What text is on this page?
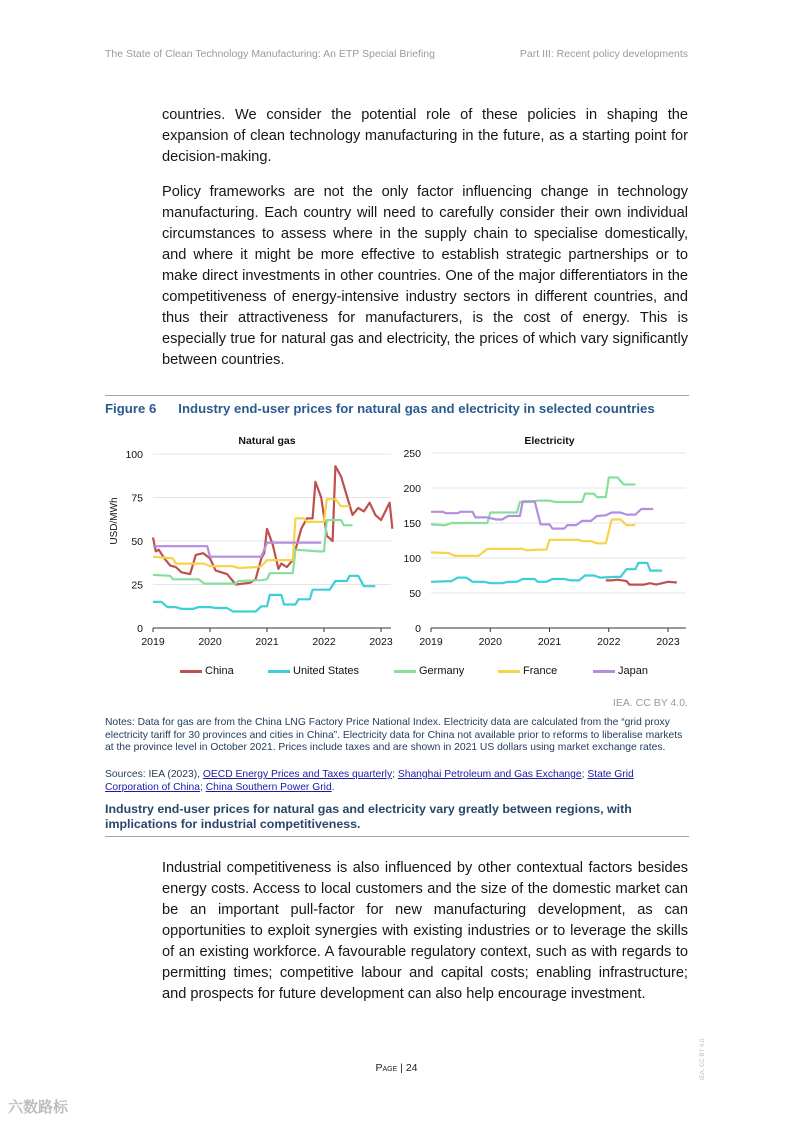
The State of Clean Technology Manufacturing: An ETP Special Briefing	Part III: Recent policy developments

countries. We consider the potential role of these policies in shaping the expansion of clean technology manufacturing in the future, as a starting point for decision-making.

Policy frameworks are not the only factor influencing change in technology manufacturing. Each country will need to carefully consider their own individual circumstances to assess where in the supply chain to specialise domestically, and where it might be more effective to establish strategic partnerships or to make direct investments in other countries. One of the major differentiators in the competitiveness of energy-intensive industry sectors in different countries, and thus their attractiveness for manufacturers, is the cost of energy. This is especially true for natural gas and electricity, the prices of which vary significantly between countries.

Figure 6 Industry end-user prices for natural gas and electricity in selected countries
Natural gas
USD/MWh
0
25
50
75
100
2019	2020	2021	2022	2023
Electricity
0
50
100
150
200
250
2019	2020	2021	2022	2023
China	United States	Germany	France	Japan
IEA. CC BY 4.0.
Notes: Data for gas are from the China LNG Factory Price National Index. Electricity data are calculated from the “grid proxy electricity tariff for 30 provinces and cities in China”. Electricity data for China not available prior to reforms to liberalise markets at the province level in October 2021. Prices include taxes and are shown in 2021 US dollars using market exchange rates.
Sources: IEA (2023), OECD Energy Prices and Taxes quarterly; Shanghai Petroleum and Gas Exchange; State Grid Corporation of China; China Southern Power Grid.
Industry end-user prices for natural gas and electricity vary greatly between regions, with implications for industrial competitiveness.

Industrial competitiveness is also influenced by other contextual factors besides energy costs. Access to local customers and the size of the domestic market can be an important pull-factor for new manufacturing development, as can opportunities to exploit synergies with existing industries or to leverage the skills of an existing workforce. A favourable regulatory context, such as with regards to permitting times; competitive labour and capital costs; enabling infrastructure; and prospects for future development can also help encourage investment.

Page | 24	IEA. CC BY 4.0.
六数路标
